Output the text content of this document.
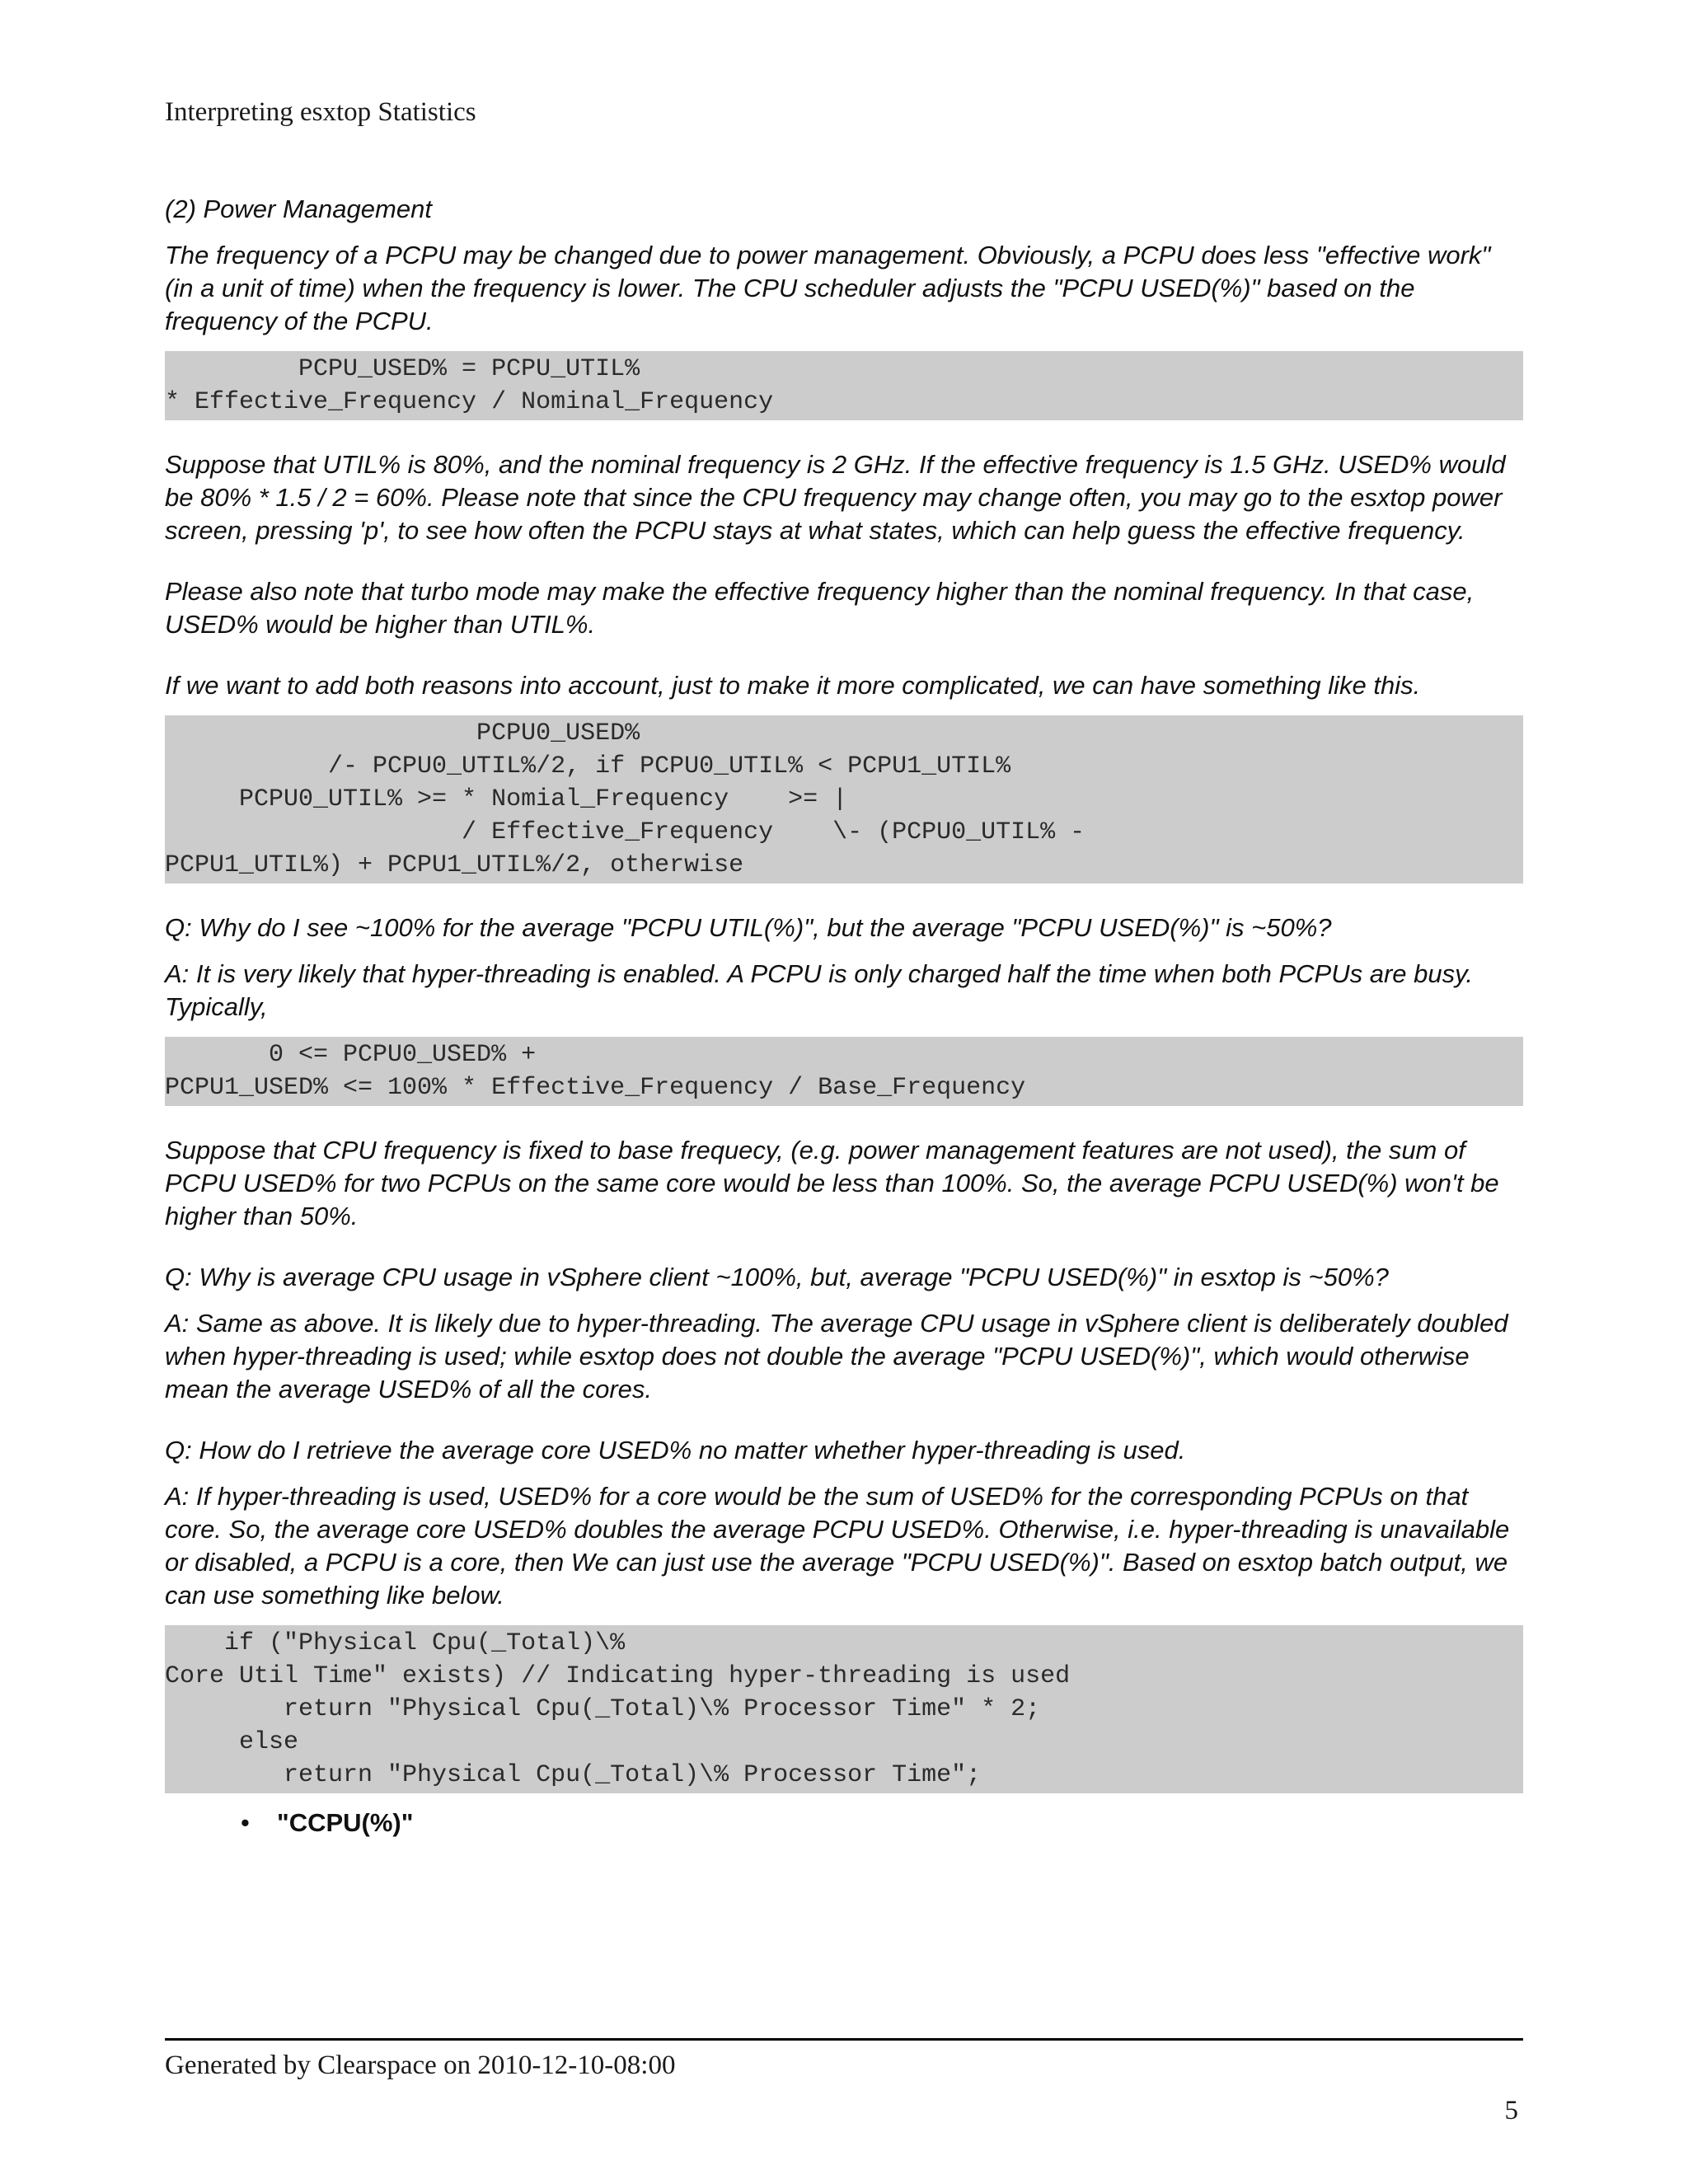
Interpreting esxtop Statistics

(2) Power Management

The frequency of a PCPU may be changed due to power management. Obviously, a PCPU does less "effective work" (in a unit of time) when the frequency is lower. The CPU scheduler adjusts the "PCPU USED(%)" based on the frequency of the PCPU.

PCPU_USED% = PCPU_UTIL%
* Effective_Frequency / Nominal_Frequency

Suppose that UTIL% is 80%, and the nominal frequency is 2 GHz. If the effective frequency is 1.5 GHz. USED% would be 80% * 1.5 / 2 = 60%. Please note that since the CPU frequency may change often, you may go to the esxtop power screen, pressing 'p', to see how often the PCPU stays at what states, which can help guess the effective frequency.

Please also note that turbo mode may make the effective frequency higher than the nominal frequency. In that case, USED% would be higher than UTIL%.

If we want to add both reasons into account, just to make it more complicated, we can have something like this.

PCPU0_USED%
/- PCPU0_UTIL%/2, if PCPU0_UTIL% < PCPU1_UTIL%
PCPU0_UTIL% >= * Nomial_Frequency    >= |
/ Effective_Frequency    \- (PCPU0_UTIL% -
PCPU1_UTIL%) + PCPU1_UTIL%/2, otherwise

Q: Why do I see ~100% for the average "PCPU UTIL(%)", but the average "PCPU USED(%)" is ~50%?

A: It is very likely that hyper-threading is enabled. A PCPU is only charged half the time when both PCPUs are busy. Typically,

0 <= PCPU0_USED% +
PCPU1_USED% <= 100% * Effective_Frequency / Base_Frequency

Suppose that CPU frequency is fixed to base frequecy, (e.g. power management features are not used), the sum of PCPU USED% for two PCPUs on the same core would be less than 100%. So, the average PCPU USED(%) won't be higher than 50%.

Q: Why is average CPU usage in vSphere client ~100%, but, average "PCPU USED(%)" in esxtop is ~50%?

A: Same as above. It is likely due to hyper-threading. The average CPU usage in vSphere client is deliberately doubled when hyper-threading is used; while esxtop does not double the average "PCPU USED(%)", which would otherwise mean the average USED% of all the cores.

Q: How do I retrieve the average core USED% no matter whether hyper-threading is used.

A: If hyper-threading is used, USED% for a core would be the sum of USED% for the corresponding PCPUs on that core. So, the average core USED% doubles the average PCPU USED%. Otherwise, i.e. hyper-threading is unavailable or disabled, a PCPU is a core, then We can just use the average "PCPU USED(%)". Based on esxtop batch output, we can use something like below.

if ("Physical Cpu(_Total)\%
Core Util Time" exists) // Indicating hyper-threading is used
return "Physical Cpu(_Total)\% Processor Time" * 2;
else
return "Physical Cpu(_Total)\% Processor Time";
•	"CCPU(%)"
Generated by Clearspace on 2010-12-10-08:00
5
